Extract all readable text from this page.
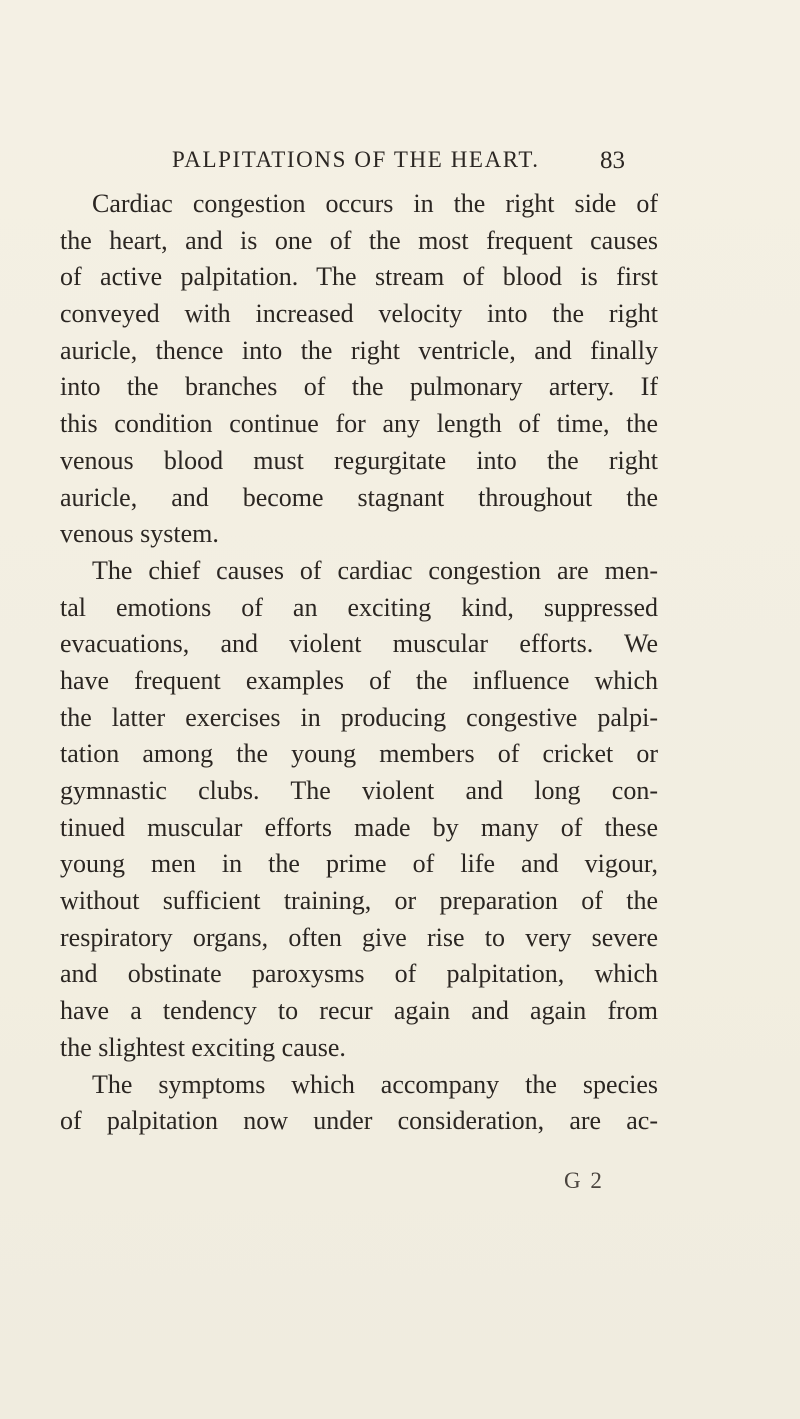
PALPITATIONS OF THE HEART. 83
Cardiac congestion occurs in the right side of
the heart, and is one of the most frequent causes
of active palpitation. The stream of blood is first
conveyed with increased velocity into the right
auricle, thence into the right ventricle, and finally
into the branches of the pulmonary artery. If
this condition continue for any length of time, the
venous blood must regurgitate into the right
auricle, and become stagnant throughout the
venous system.
The chief causes of cardiac congestion are men-
tal emotions of an exciting kind, suppressed
evacuations, and violent muscular efforts. We
have frequent examples of the influence which
the latter exercises in producing congestive palpi-
tation among the young members of cricket or
gymnastic clubs. The violent and long con-
tinued muscular efforts made by many of these
young men in the prime of life and vigour,
without sufficient training, or preparation of the
respiratory organs, often give rise to very severe
and obstinate paroxysms of palpitation, which
have a tendency to recur again and again from
the slightest exciting cause.
The symptoms which accompany the species
of palpitation now under consideration, are ac-
G 2
